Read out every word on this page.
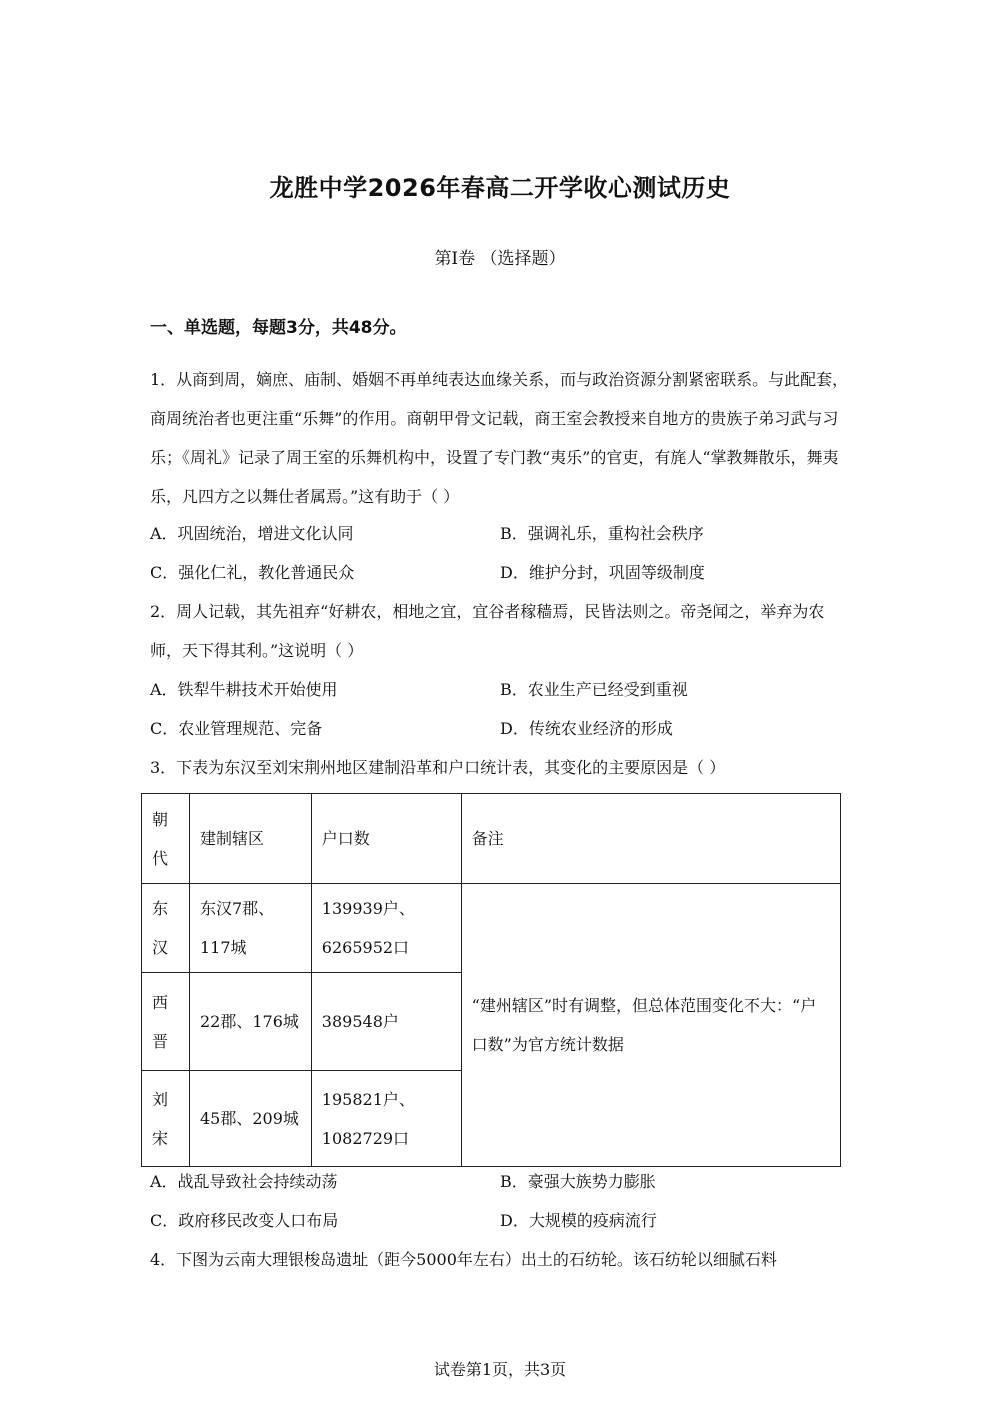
龙胜中学2026年春高二开学收心测试历史
第Ⅰ卷 （选择题）
一、单选题，每题3分，共48分。
1．从商到周，嫡庶、庙制、婚姻不再单纯表达血缘关系，而与政治资源分割紧密联系。与此配套，商周统治者也更注重“乐舞”的作用。商朝甲骨文记载，商王室会教授来自地方的贵族子弟习武与习乐；《周礼》记录了周王室的乐舞机构中，设置了专门教“夷乐”的官吏，有旄人“掌教舞散乐，舞夷乐，凡四方之以舞仕者属焉。”这有助于（ ）
A．巩固统治，增进文化认同	B．强调礼乐，重构社会秩序
C．强化仁礼，教化普通民众	D．维护分封，巩固等级制度
2．周人记载，其先祖弃“好耕农，相地之宜，宜谷者稼穑焉，民皆法则之。帝尧闻之，举弃为农师，天下得其利。”这说明（ ）
A．铁犁牛耕技术开始使用	B．农业生产已经受到重视
C．农业管理规范、完备	D．传统农业经济的形成
3．下表为东汉至刘宋荆州地区建制沿革和户口统计表，其变化的主要原因是（ ）
朝代	建制辖区	户口数	备注
东汉	东汉7郡、117城	139939户、6265952口	“建州辖区”时有调整，但总体范围变化不大：“户口数”为官方统计数据
西晋	22郡、176城	389548户	
刘宋	45郡、209城	195821户、1082729口	
A．战乱导致社会持续动荡	B．豪强大族势力膨胀
C．政府移民改变人口布局	D．大规模的疫病流行
4．下图为云南大理银梭岛遗址（距今5000年左右）出土的石纺轮。该石纺轮以细腻石料
试卷第1页，共3页
